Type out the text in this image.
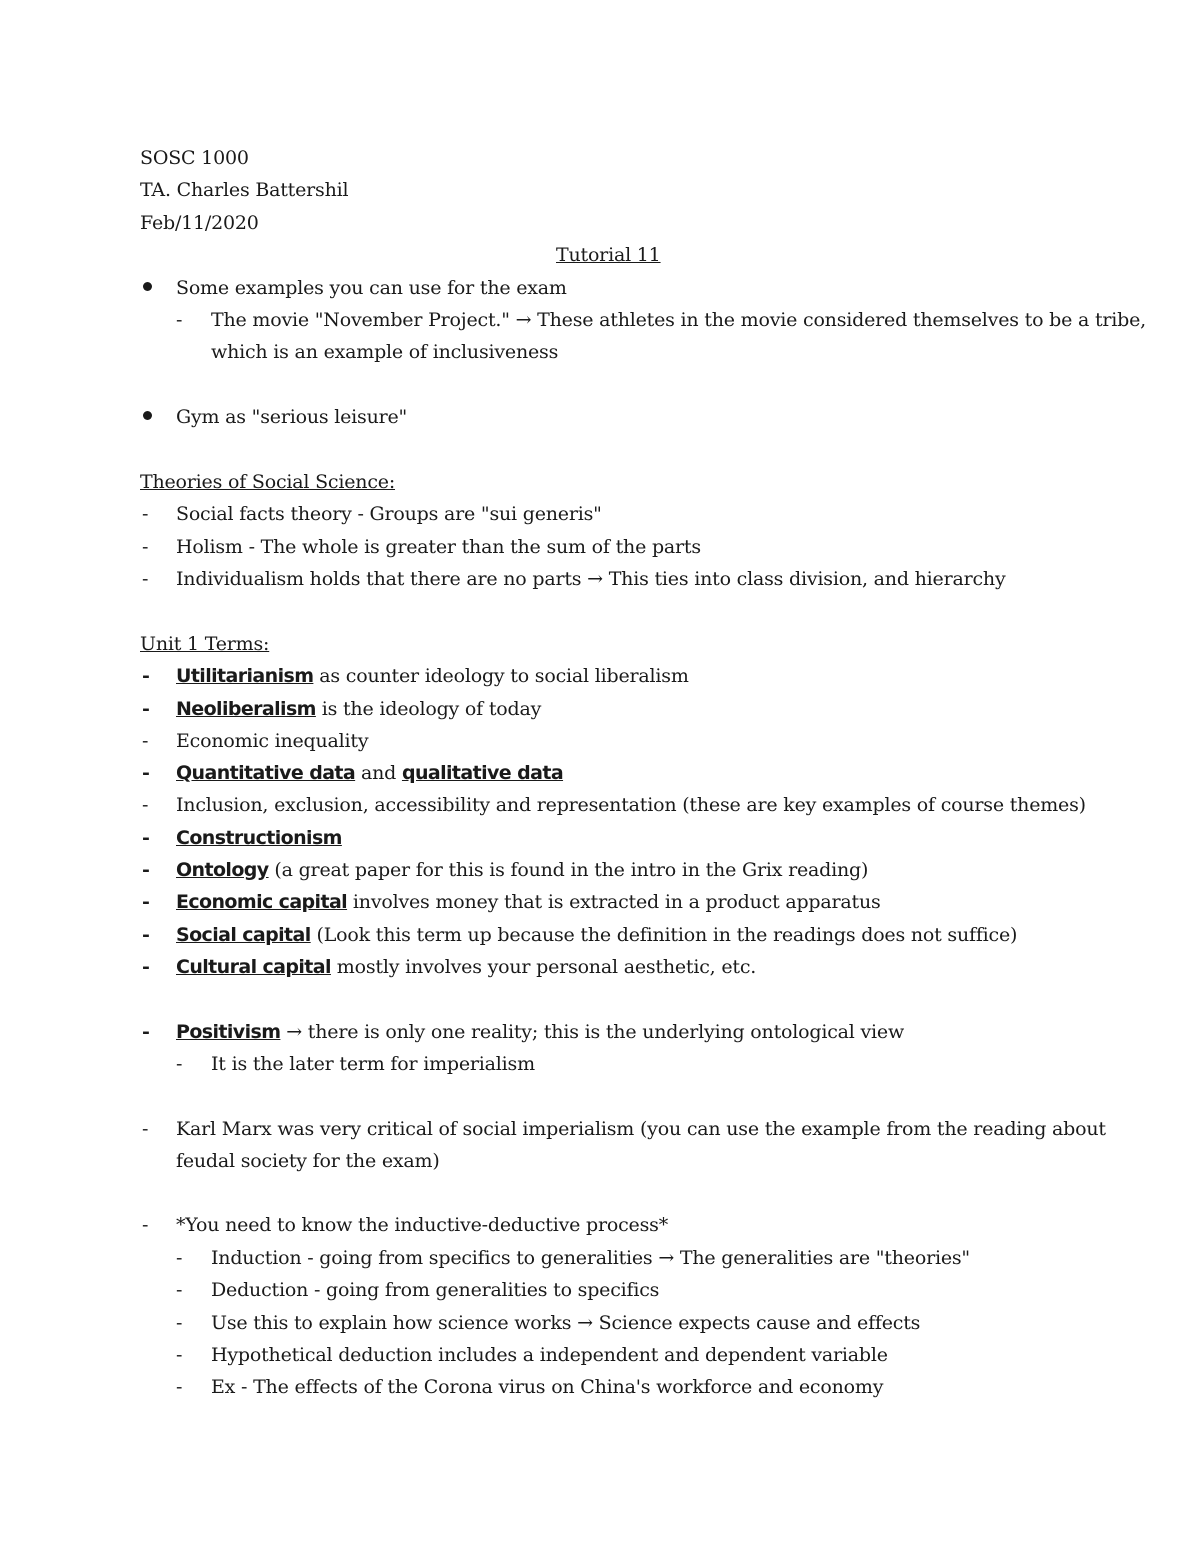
SOSC 1000
TA. Charles Battershil
Feb/11/2020
Tutorial 11
Some examples you can use for the exam
- The movie "November Project." → These athletes in the movie considered themselves to be a tribe,
which is an example of inclusiveness
Gym as "serious leisure"
Theories of Social Science:
- Social facts theory - Groups are "sui generis"
- Holism - The whole is greater than the sum of the parts
- Individualism holds that there are no parts → This ties into class division, and hierarchy
Unit 1 Terms:
- Utilitarianism as counter ideology to social liberalism
- Neoliberalism is the ideology of today
- Economic inequality
- Quantitative data and qualitative data
- Inclusion, exclusion, accessibility and representation (these are key examples of course themes)
- Constructionism
- Ontology (a great paper for this is found in the intro in the Grix reading)
- Economic capital involves money that is extracted in a product apparatus
- Social capital (Look this term up because the definition in the readings does not suffice)
- Cultural capital mostly involves your personal aesthetic, etc.
- Positivism → there is only one reality; this is the underlying ontological view
- It is the later term for imperialism
- Karl Marx was very critical of social imperialism (you can use the example from the reading about
feudal society for the exam)
- *You need to know the inductive-deductive process*
- Induction - going from specifics to generalities → The generalities are "theories"
- Deduction - going from generalities to specifics
- Use this to explain how science works → Science expects cause and effects
- Hypothetical deduction includes a independent and dependent variable
- Ex - The effects of the Corona virus on China's workforce and economy
